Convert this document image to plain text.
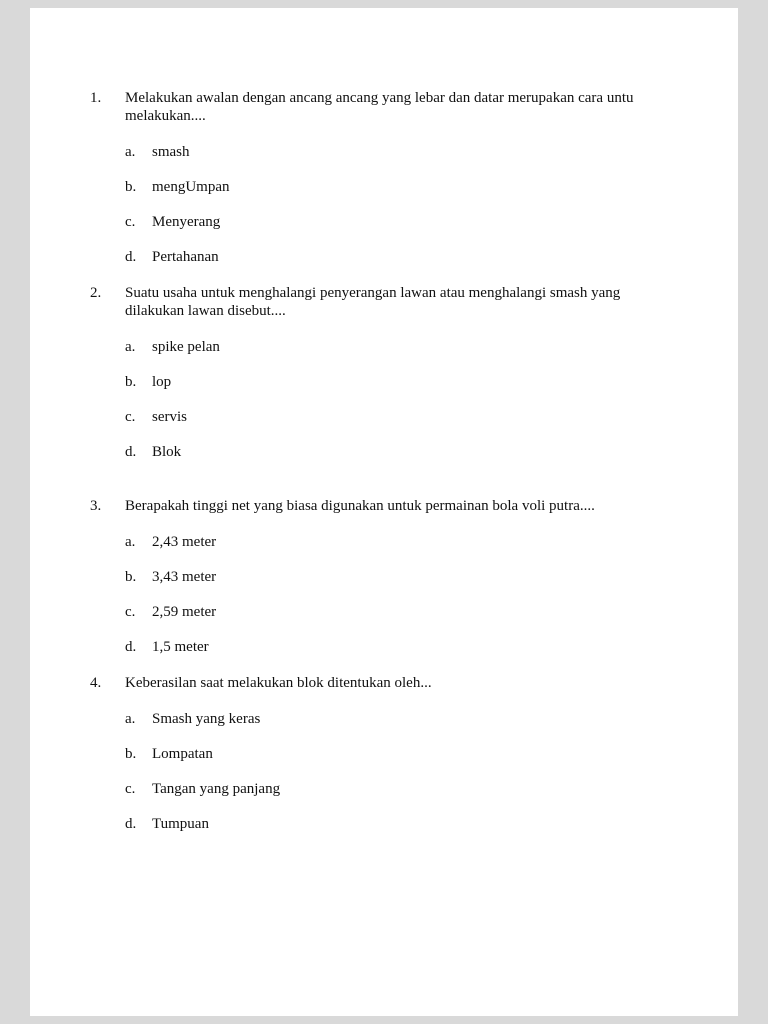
1.	Melakukan awalan dengan ancang ancang yang lebar dan datar merupakan cara untu melakukan....
a.	smash
b.	mengUmpan
c.	Menyerang
d.	Pertahanan
2.	Suatu usaha untuk menghalangi penyerangan lawan atau menghalangi smash yang dilakukan lawan disebut....
a.	spike pelan
b.	lop
c.	servis
d.	Blok
3.	Berapakah tinggi net yang biasa digunakan untuk permainan bola voli putra....
a.	2,43 meter
b.	3,43 meter
c.	2,59 meter
d.	1,5 meter
4.	Keberasilan saat melakukan blok ditentukan oleh...
a.	Smash yang keras
b.	Lompatan
c.	Tangan yang panjang
d.	Tumpuan
